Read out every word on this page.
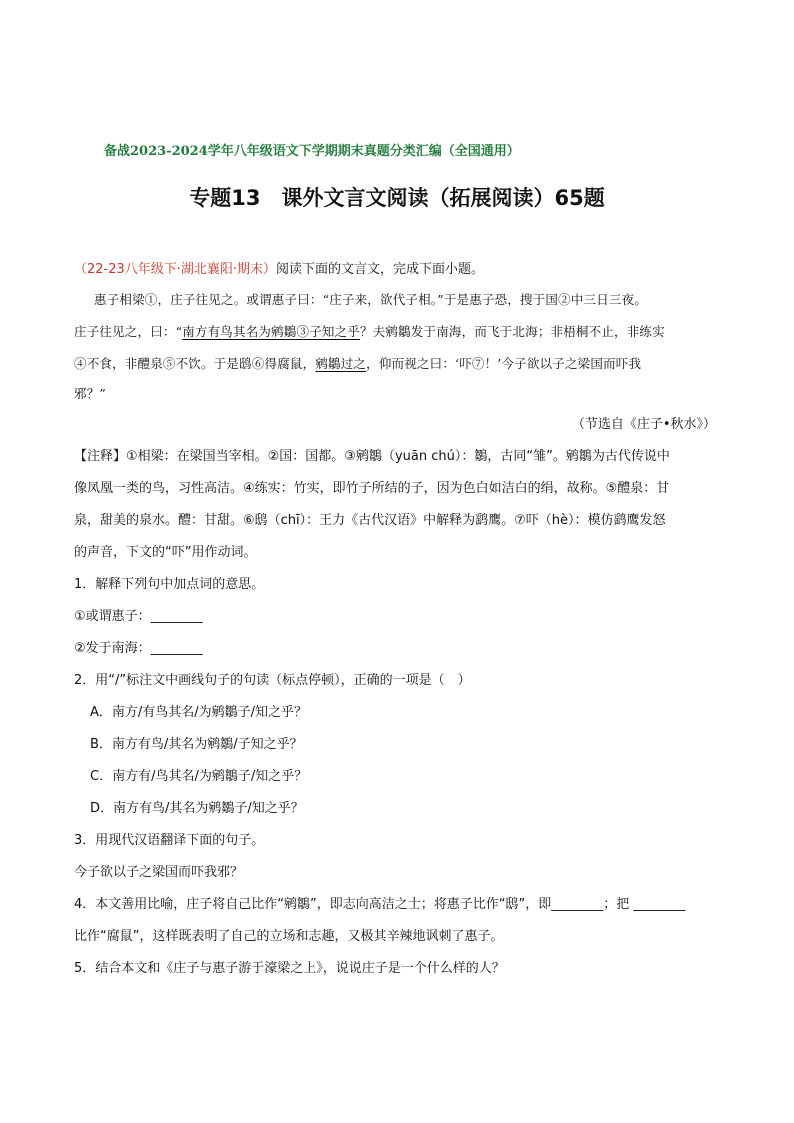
备战2023-2024学年八年级语文下学期期末真题分类汇编（全国通用）
专题13　课外文言文阅读（拓展阅读）65题
（22-23八年级下·湖北襄阳·期末）阅读下面的文言文，完成下面小题。
惠子相梁①，庄子往见之。或谓惠子曰：“庄子来，欲代子相。”于是惠子恐，搜于国②中三日三夜。
庄子往见之，曰：“南方有鸟其名为鹓鶵③子知之乎？夫鹓鶵发于南海，而飞于北海；非梧桐不止，非练实
④不食，非醴泉⑤不饮。于是鸱⑥得腐鼠，鹓鶵过之，仰而视之曰：‘吓⑦！’今子欲以子之梁国而吓我
邪？”
（节选自《庄子•秋水》）
【注释】①相梁：在梁国当宰相。②国：国都。③鹓鶵（yuān chú）：鶵，古同“雏”。鹓鶵为古代传说中
像凤凰一类的鸟，习性高洁。④练实：竹实，即竹子所结的子，因为色白如洁白的绢，故称。⑤醴泉：甘
泉，甜美的泉水。醴：甘甜。⑥鸱（chī）：王力《古代汉语》中解释为鹞鹰。⑦吓（hè）：模仿鹞鹰发怒
的声音，下文的“吓”用作动词。
1．解释下列句中加点词的意思。
①或谓惠子：________
②发于南海：________
2．用“/”标注文中画线句子的句读（标点停顿），正确的一项是（　）
A．南方/有鸟其名/为鹓鶵子/知之乎？
B．南方有鸟/其名为鹓鶵/子知之乎？
C．南方有/鸟其名/为鹓鶵子/知之乎？
D．南方有鸟/其名为鹓鶵子/知之乎？
3．用现代汉语翻译下面的句子。
今子欲以子之梁国而吓我邪？
4．本文善用比喻，庄子将自己比作“鹓鶵”，即志向高洁之士；将惠子比作“鸱”，即________；把 ________
比作“腐鼠”，这样既表明了自己的立场和志趣，又极其辛辣地讽刺了惠子。
5．结合本文和《庄子与惠子游于濠梁之上》，说说庄子是一个什么样的人？
